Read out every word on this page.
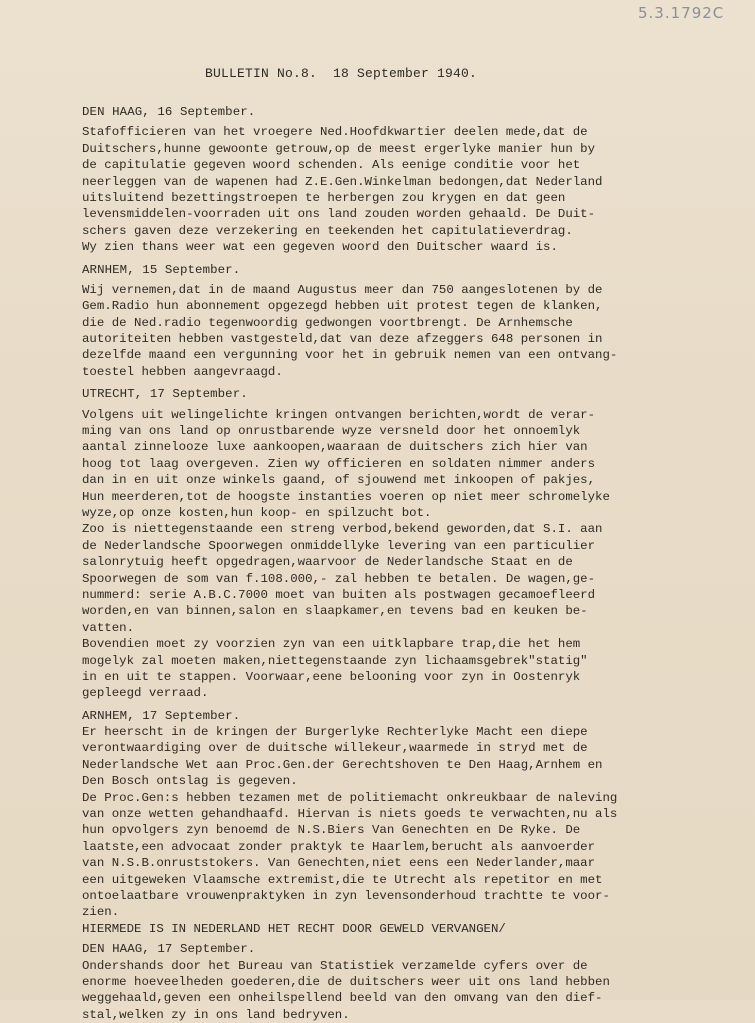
5.3.1792C
BULLETIN No.8.  18 September 1940.
DEN HAAG, 16 September.
Stafofficieren van het vroegere Ned.Hoofdkwartier deelen mede,dat de
Duitschers,hunne gewoonte getrouw,op de meest ergerlyke manier hun by
de capitulatie gegeven woord schenden. Als eenige conditie voor het
neerleggen van de wapenen had Z.E.Gen.Winkelman bedongen,dat Nederland
uitsluitend bezettingstroepen te herbergen zou krygen en dat geen
levensmiddelen-voorraden uit ons land zouden worden gehaald. De Duit-
schers gaven deze verzekering en teekenden het capitulatieverdrag.
Wy zien thans weer wat een gegeven woord den Duitscher waard is.
ARNHEM, 15 September.
Wij vernemen,dat in de maand Augustus meer dan 750 aangeslotenen by de
Gem.Radio hun abonnement opgezegd hebben uit protest tegen de klanken,
die de Ned.radio tegenwoordig gedwongen voortbrengt. De Arnhemsche
autoriteiten hebben vastgesteld,dat van deze afzeggers 648 personen in
dezelfde maand een vergunning voor het in gebruik nemen van een ontvang-
toestel hebben aangevraagd.
UTRECHT, 17 September.
Volgens uit welingelichte kringen ontvangen berichten,wordt de verar-
ming van ons land op onrustbarende wyze versneld door het onnoemlyk
aantal zinnelooze luxe aankoopen,waaraan de duitschers zich hier van
hoog tot laag overgeven. Zien wy officieren en soldaten nimmer anders
dan in en uit onze winkels gaand, of sjouwend met inkoopen of pakjes,
Hun meerderen,tot de hoogste instanties voeren op niet meer schromelyke
wyze,op onze kosten,hun koop- en spilzucht bot.
Zoo is niettegenstaande een streng verbod,bekend geworden,dat S.I. aan
de Nederlandsche Spoorwegen onmiddellyke levering van een particulier
salonrytuig heeft opgedragen,waarvoor de Nederlandsche Staat en de
Spoorwegen de som van f.108.000,- zal hebben te betalen. De wagen,ge-
nummerd: serie A.B.C.7000 moet van buiten als postwagen gecamoefleerd
worden,en van binnen,salon en slaapkamer,en tevens bad en keuken be-
vatten.
Bovendien moet zy voorzien zyn van een uitklapbare trap,die het hem
mogelyk zal moeten maken,niettegenstaande zyn lichaamsgebrek"statig"
in en uit te stappen. Voorwaar,eene belooning voor zyn in Oostenryk
gepleegd verraad.
ARNHEM, 17 September.
Er heerscht in de kringen der Burgerlyke Rechterlyke Macht een diepe
verontwaardiging over de duitsche willekeur,waarmede in stryd met de
Nederlandsche Wet aan Proc.Gen.der Gerechtshoven te Den Haag,Arnhem en
Den Bosch ontslag is gegeven.
De Proc.Gen:s hebben tezamen met de politiemacht onkreukbaar de naleving
van onze wetten gehandhaafd. Hiervan is niets goeds te verwachten,nu als
hun opvolgers zyn benoemd de N.S.Biers Van Genechten en De Ryke. De
laatste,een advocaat zonder praktyk te Haarlem,berucht als aanvoerder
van N.S.B.onruststokers. Van Genechten,niet eens een Nederlander,maar
een uitgeweken Vlaamsche extremist,die te Utrecht als repetitor en met
ontoelaatbare vrouwenpraktyken in zyn levensonderhoud trachtte te voor-
zien.
HIERMEDE IS IN NEDERLAND HET RECHT DOOR GEWELD VERVANGEN/
DEN HAAG, 17 September.
Ondershands door het Bureau van Statistiek verzamelde cyfers over de
enorme hoeveelheden goederen,die de duitschers weer uit ons land hebben
weggehaald,geven een onheilspellend beeld van den omvang van den dief-
stal,welken zy in ons land bedryven.
